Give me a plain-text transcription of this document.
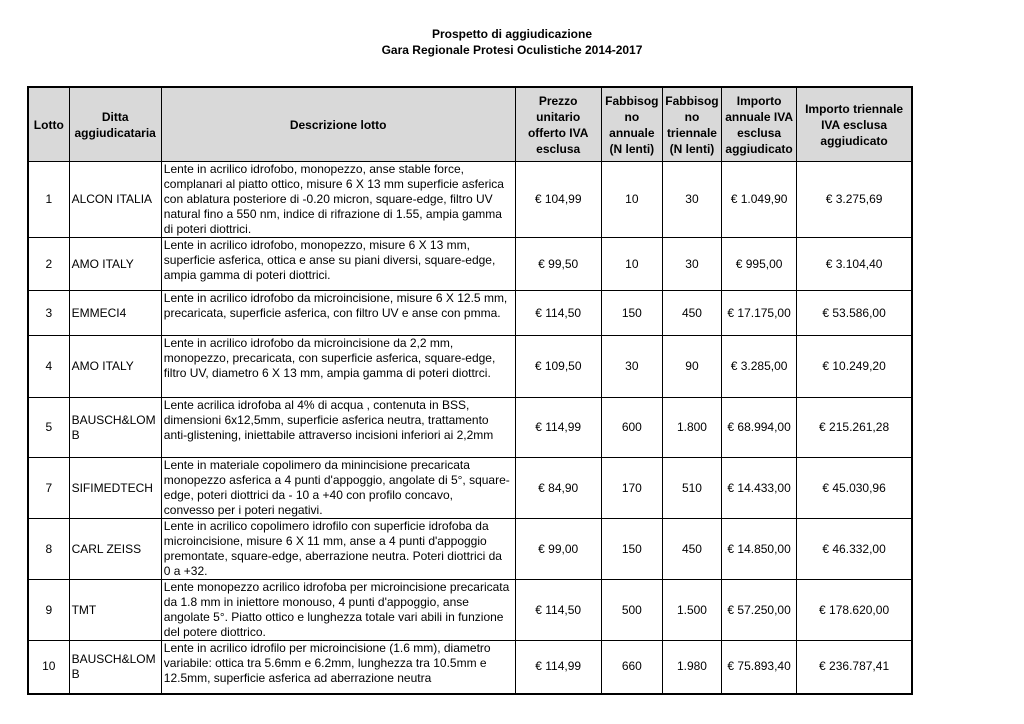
Prospetto di aggiudicazione
Gara Regionale Protesi Oculistiche 2014-2017
Lotto	Ditta aggiudicataria	Descrizione lotto	Prezzo unitario offerto IVA esclusa	Fabbisog no annuale (N lenti)	Fabbisog no triennale (N lenti)	Importo annuale IVA esclusa aggiudicato	Importo triennale IVA esclusa aggiudicato
1	ALCON ITALIA	Lente in acrilico idrofobo, monopezzo, anse stable force,
complanari al piatto ottico, misure 6 X 13 mm superficie asferica
con ablatura posteriore di -0.20 micron, square-edge, filtro UV
natural fino a 550 nm, indice di rifrazione di 1.55, ampia gamma
di poteri diottrici.	€ 104,99	10	30	€ 1.049,90	€ 3.275,69
2	AMO ITALY	Lente in acrilico idrofobo, monopezzo, misure 6 X 13 mm,
superficie asferica, ottica e anse su piani diversi, square-edge,
ampia gamma di poteri diottrici.	€ 99,50	10	30	€ 995,00	€ 3.104,40
3	EMMECI4	Lente in acrilico idrofobo da microincisione, misure 6 X 12.5 mm,
precaricata, superficie asferica, con filtro UV e anse con pmma.	€ 114,50	150	450	€ 17.175,00	€ 53.586,00
4	AMO ITALY	Lente in acrilico idrofobo da microincisione da 2,2 mm,
monopezzo, precaricata, con superficie asferica, square-edge,
filtro UV, diametro 6 X 13 mm, ampia gamma di poteri diottrci.	€ 109,50	30	90	€ 3.285,00	€ 10.249,20
5	BAUSCH&LOM
B	Lente acrilica idrofoba al 4% di acqua , contenuta in BSS,
dimensioni 6x12,5mm, superficie asferica neutra, trattamento
anti-glistening, iniettabile attraverso incisioni inferiori ai 2,2mm	€ 114,99	600	1.800	€ 68.994,00	€ 215.261,28
7	SIFIMEDTECH	Lente in materiale copolimero da minincisione precaricata
monopezzo asferica a 4 punti d'appoggio, angolate di 5°, square-
edge, poteri diottrici da - 10 a +40 con profilo concavo,
convesso per i poteri negativi.	€ 84,90	170	510	€ 14.433,00	€ 45.030,96
8	CARL ZEISS	Lente in acrilico copolimero idrofilo con superficie idrofoba da
microincisione, misure 6 X 11 mm, anse a 4 punti d'appoggio
premontate, square-edge, aberrazione neutra. Poteri diottrici da
0 a +32.	€ 99,00	150	450	€ 14.850,00	€ 46.332,00
9	TMT	Lente monopezzo acrilico idrofoba per microincisione precaricata
da 1.8 mm in iniettore monouso, 4 punti d'appoggio, anse
angolate 5°. Piatto ottico e lunghezza totale vari abili in funzione
del potere diottrico.	€ 114,50	500	1.500	€ 57.250,00	€ 178.620,00
10	BAUSCH&LOM
B	Lente in acrilico idrofilo per microincisione (1.6 mm), diametro
variabile: ottica tra 5.6mm e 6.2mm, lunghezza tra 10.5mm e
12.5mm, superficie asferica ad aberrazione neutra	€ 114,99	660	1.980	€ 75.893,40	€ 236.787,41
